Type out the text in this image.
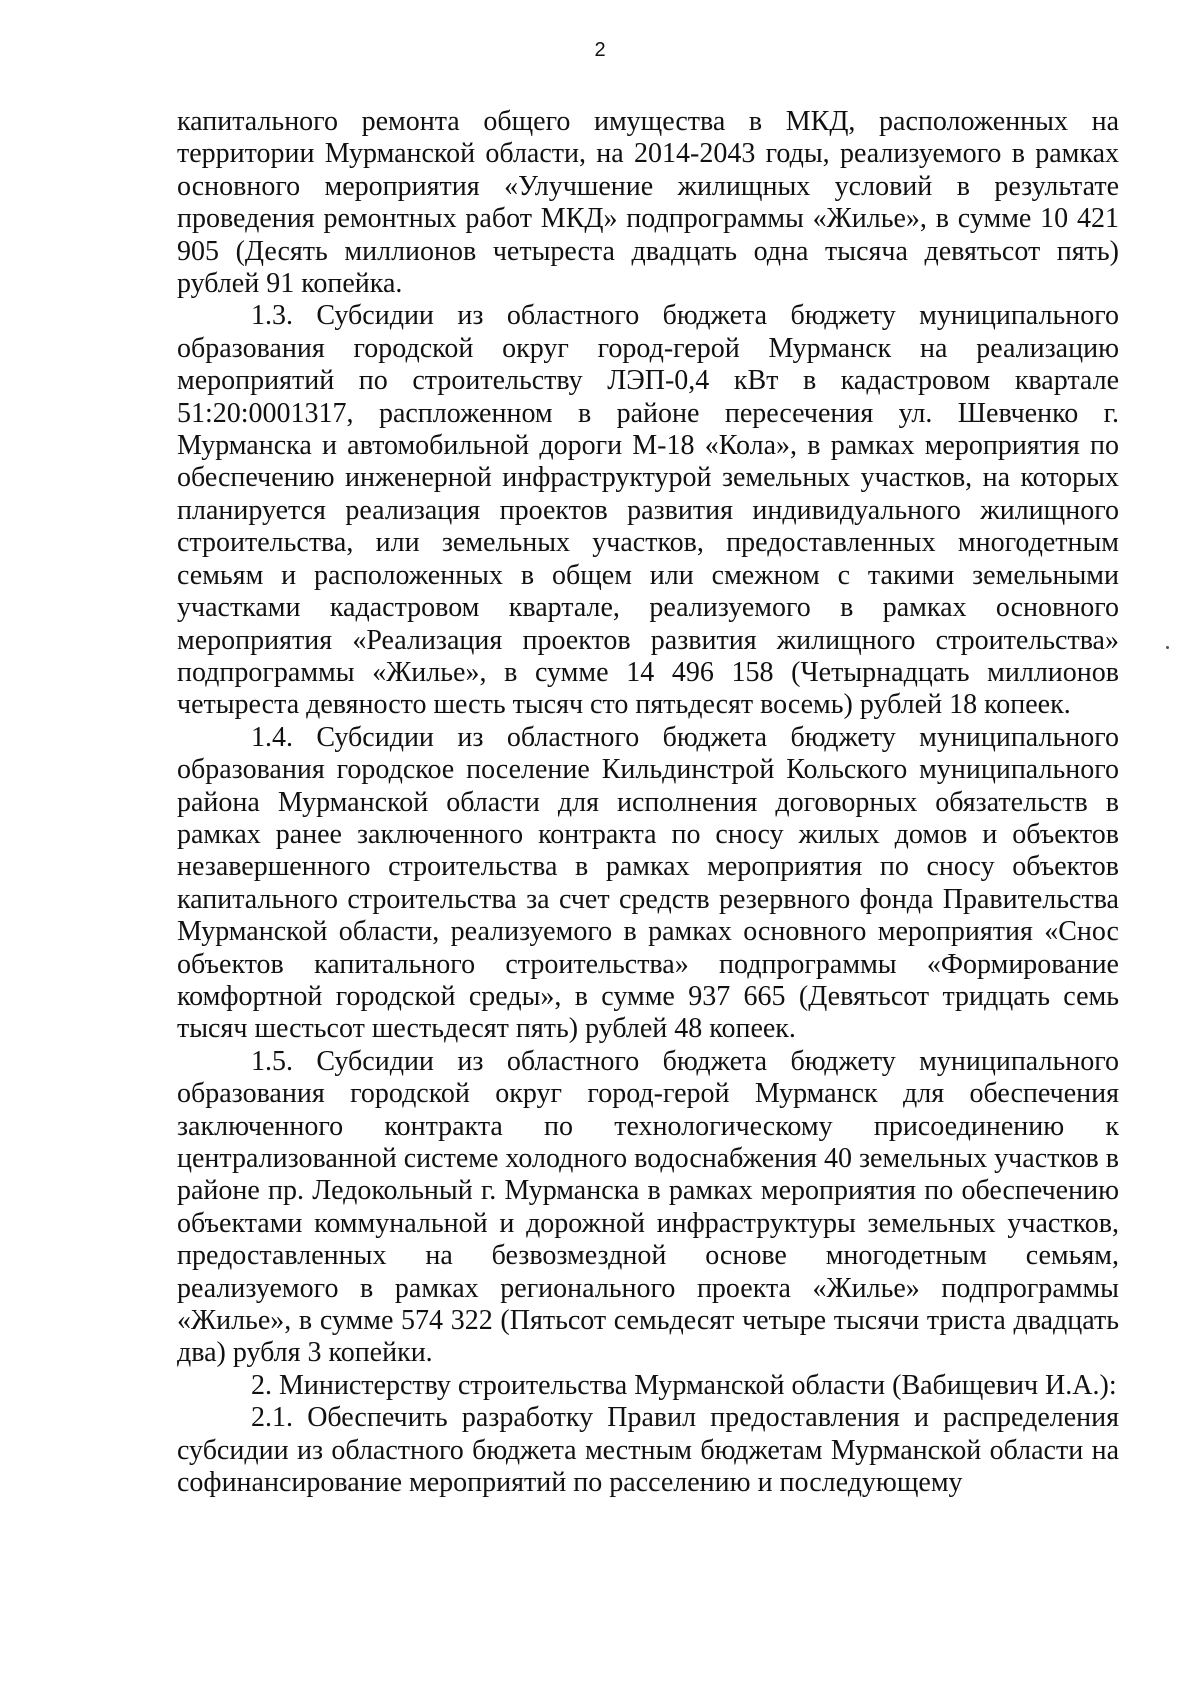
2

капитального ремонта общего имущества в МКД, расположенных на территории Мурманской области, на 2014-2043 годы, реализуемого в рамках основного мероприятия «Улучшение жилищных условий в результате проведения ремонтных работ МКД» подпрограммы «Жилье», в сумме 10 421 905 (Десять миллионов четыреста двадцать одна тысяча девятьсот пять) рублей 91 копейка.

1.3. Субсидии из областного бюджета бюджету муниципального образования городской округ город-герой Мурманск на реализацию мероприятий по строительству ЛЭП-0,4 кВт в кадастровом квартале 51:20:0001317, распложенном в районе пересечения ул. Шевченко г. Мурманска и автомобильной дороги М-18 «Кола», в рамках мероприятия по обеспечению инженерной инфраструктурой земельных участков, на которых планируется реализация проектов развития индивидуального жилищного строительства, или земельных участков, предоставленных многодетным семьям и расположенных в общем или смежном с такими земельными участками кадастровом квартале, реализуемого в рамках основного мероприятия «Реализация проектов развития жилищного строительства» подпрограммы «Жилье», в сумме 14 496 158 (Четырнадцать миллионов четыреста девяносто шесть тысяч сто пятьдесят восемь) рублей 18 копеек.

1.4. Субсидии из областного бюджета бюджету муниципального образования городское поселение Кильдинстрой Кольского муниципального района Мурманской области для исполнения договорных обязательств в рамках ранее заключенного контракта по сносу жилых домов и объектов незавершенного строительства в рамках мероприятия по сносу объектов капитального строительства за счет средств резервного фонда Правительства Мурманской области, реализуемого в рамках основного мероприятия «Снос объектов капитального строительства» подпрограммы «Формирование комфортной городской среды», в сумме 937 665 (Девятьсот тридцать семь тысяч шестьсот шестьдесят пять) рублей 48 копеек.

1.5. Субсидии из областного бюджета бюджету муниципального образования городской округ город-герой Мурманск для обеспечения заключенного контракта по технологическому присоединению к централизованной системе холодного водоснабжения 40 земельных участков в районе пр. Ледокольный г. Мурманска в рамках мероприятия по обеспечению объектами коммунальной и дорожной инфраструктуры земельных участков, предоставленных на безвозмездной основе многодетным семьям, реализуемого в рамках регионального проекта «Жилье» подпрограммы «Жилье», в сумме 574 322 (Пятьсот семьдесят четыре тысячи триста двадцать два) рубля 3 копейки.

2. Министерству строительства Мурманской области (Вабищевич И.А.):

2.1. Обеспечить разработку Правил предоставления и распределения субсидии из областного бюджета местным бюджетам Мурманской области на софинансирование мероприятий по расселению и последующему
